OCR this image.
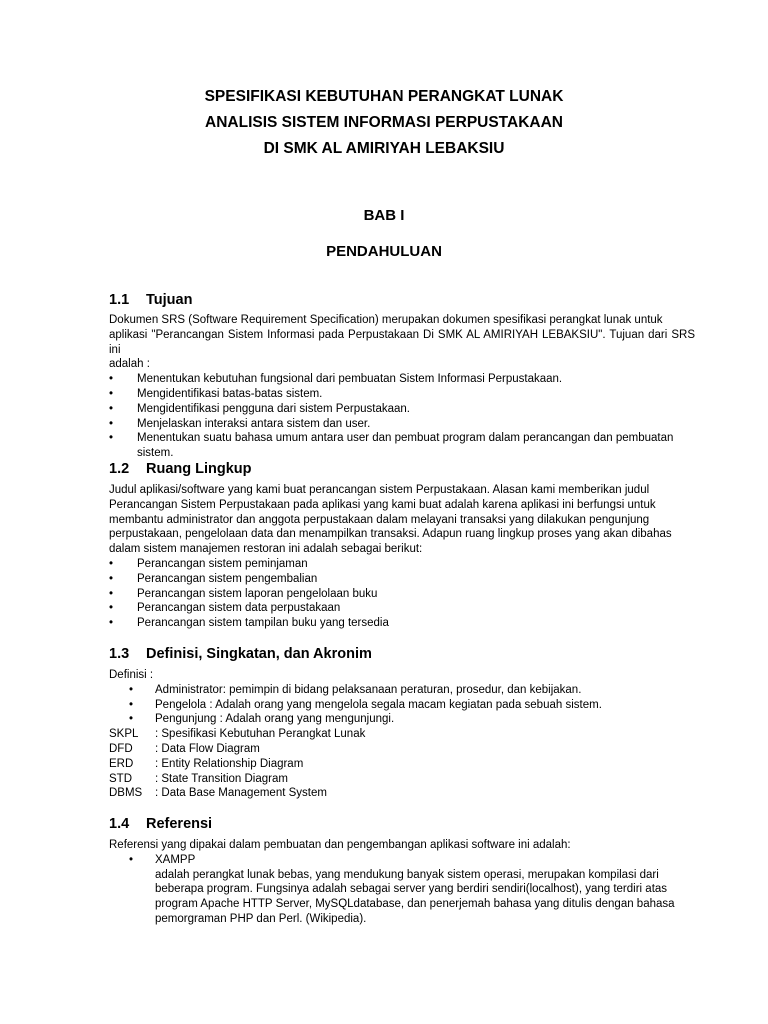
SPESIFIKASI KEBUTUHAN PERANGKAT LUNAK
ANALISIS SISTEM INFORMASI PERPUSTAKAAN
DI SMK AL AMIRIYAH LEBAKSIU
BAB I
PENDAHULUAN
1.1 Tujuan
Dokumen SRS (Software Requirement Specification) merupakan dokumen spesifikasi perangkat lunak untuk
aplikasi "Perancangan Sistem Informasi pada Perpustakaan Di SMK AL AMIRIYAH LEBAKSIU". Tujuan dari SRS ini
adalah :
• Menentukan kebutuhan fungsional dari pembuatan Sistem Informasi Perpustakaan.
• Mengidentifikasi batas-batas sistem.
• Mengidentifikasi pengguna dari sistem Perpustakaan.
• Menjelaskan interaksi antara sistem dan user.
• Menentukan suatu bahasa umum antara user dan pembuat program dalam perancangan dan pembuatan sistem.
1.2 Ruang Lingkup
Judul aplikasi/software yang kami buat perancangan sistem Perpustakaan. Alasan kami memberikan judul
Perancangan Sistem Perpustakaan pada aplikasi yang kami buat adalah karena aplikasi ini berfungsi untuk
membantu administrator dan anggota perpustakaan dalam melayani transaksi yang dilakukan pengunjung
perpustakaan, pengelolaan data dan menampilkan transaksi. Adapun ruang lingkup proses yang akan dibahas
dalam sistem manajemen restoran ini adalah sebagai berikut:
• Perancangan sistem peminjaman
• Perancangan sistem pengembalian
• Perancangan sistem laporan pengelolaan buku
• Perancangan sistem data perpustakaan
• Perancangan sistem tampilan buku yang tersedia
1.3 Definisi, Singkatan, dan Akronim
Definisi :
• Administrator: pemimpin di bidang pelaksanaan peraturan, prosedur, dan kebijakan.
• Pengelola : Adalah orang yang mengelola segala macam kegiatan pada sebuah sistem.
• Pengunjung : Adalah orang yang mengunjungi.
SKPL	: Spesifikasi Kebutuhan Perangkat Lunak
DFD	: Data Flow Diagram
ERD	: Entity Relationship Diagram
STD	: State Transition Diagram
DBMS	: Data Base Management System
1.4 Referensi
Referensi yang dipakai dalam pembuatan dan pengembangan aplikasi software ini adalah:
• XAMPP
adalah perangkat lunak bebas, yang mendukung banyak sistem operasi, merupakan kompilasi dari
beberapa program. Fungsinya adalah sebagai server yang berdiri sendiri(localhost), yang terdiri atas
program Apache HTTP Server, MySQLdatabase, dan penerjemah bahasa yang ditulis dengan bahasa
pemorgraman PHP dan Perl. (Wikipedia).
